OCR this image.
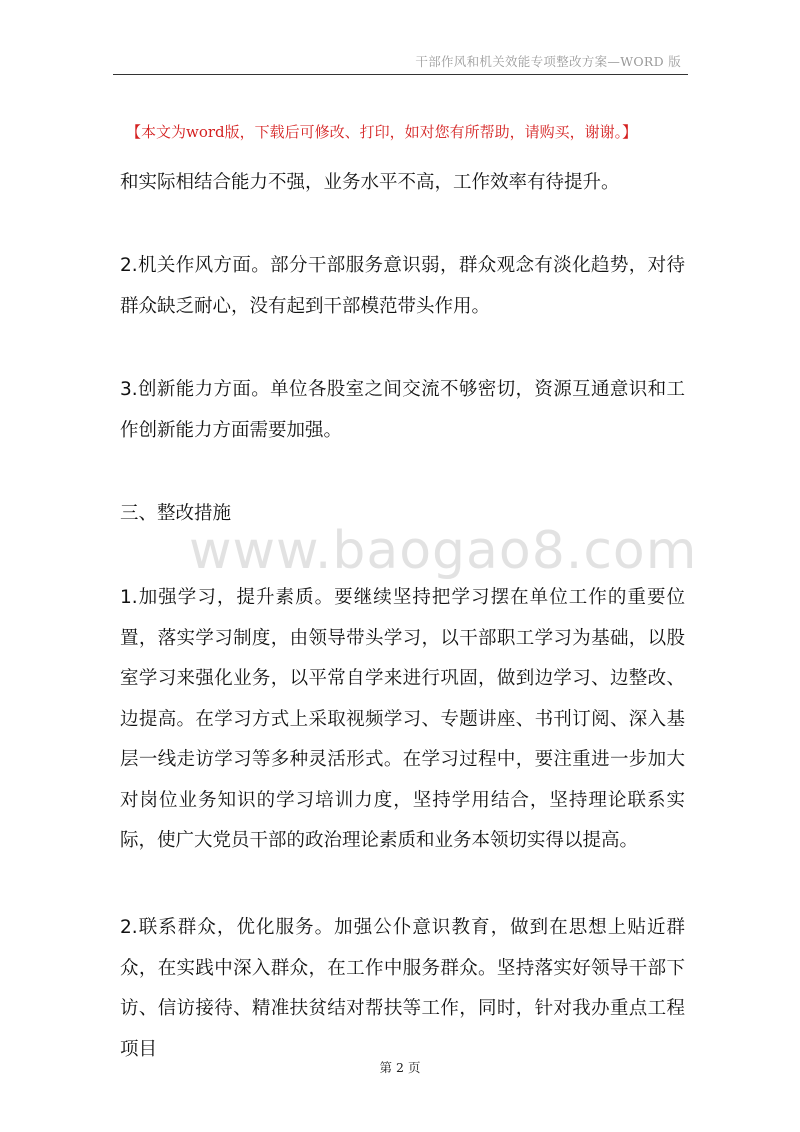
干部作风和机关效能专项整改方案—WORD 版
【本文为word版，下载后可修改、打印，如对您有所帮助，请购买，谢谢。】
www.baogao8.com

和实际相结合能力不强，业务水平不高，工作效率有待提升。

2.机关作风方面。部分干部服务意识弱，群众观念有淡化趋势，对待群众缺乏耐心，没有起到干部模范带头作用。

3.创新能力方面。单位各股室之间交流不够密切，资源互通意识和工作创新能力方面需要加强。

三、整改措施

1.加强学习，提升素质。要继续坚持把学习摆在单位工作的重要位置，落实学习制度，由领导带头学习，以干部职工学习为基础，以股室学习来强化业务，以平常自学来进行巩固，做到边学习、边整改、边提高。在学习方式上采取视频学习、专题讲座、书刊订阅、深入基层一线走访学习等多种灵活形式。在学习过程中，要注重进一步加大对岗位业务知识的学习培训力度，坚持学用结合，坚持理论联系实际，使广大党员干部的政治理论素质和业务本领切实得以提高。

2.联系群众，优化服务。加强公仆意识教育，做到在思想上贴近群众，在实践中深入群众，在工作中服务群众。坚持落实好领导干部下访、信访接待、精准扶贫结对帮扶等工作，同时，针对我办重点工程项目

第 2 页
